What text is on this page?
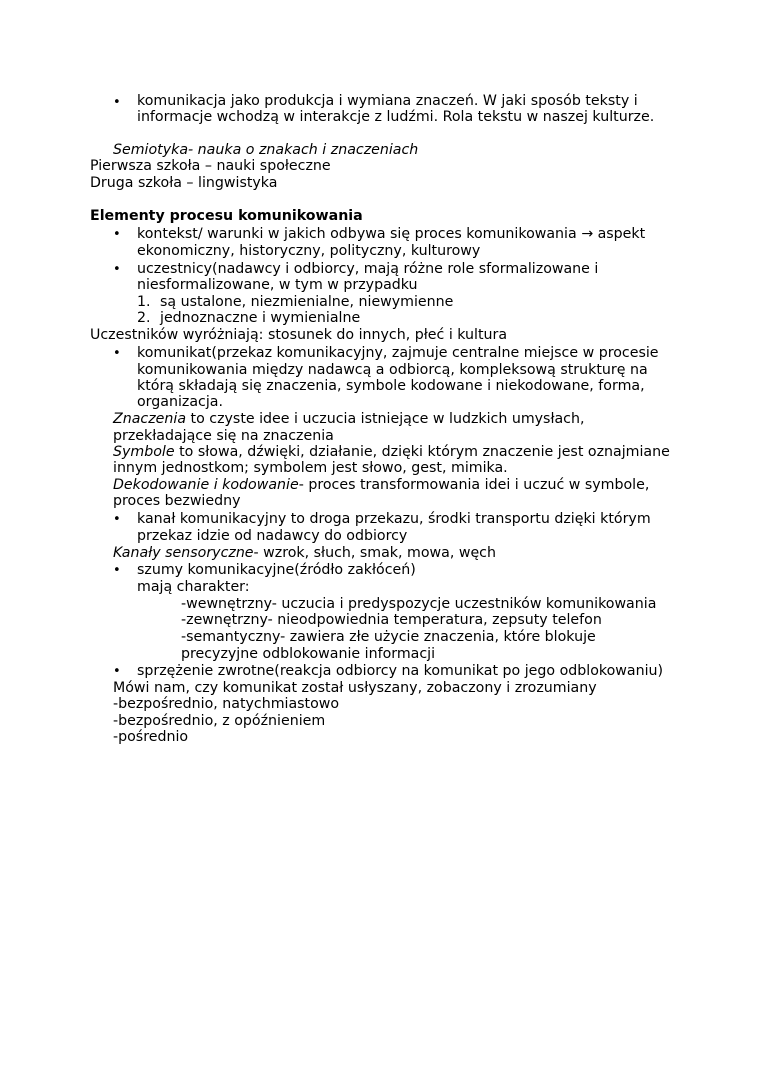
• komunikacja jako produkcja i wymiana znaczeń. W jaki sposób teksty i
informacje wchodzą w interakcje z ludźmi. Rola tekstu w naszej kulturze.
Semiotyka- nauka o znakach i znaczeniach
Pierwsza szkoła – nauki społeczne
Druga szkoła – lingwistyka
Elementy procesu komunikowania
• kontekst/ warunki w jakich odbywa się proces komunikowania → aspekt
ekonomiczny, historyczny, polityczny, kulturowy
• uczestnicy(nadawcy i odbiorcy, mają różne role sformalizowane i
niesformalizowane, w tym w przypadku
1. są ustalone, niezmienialne, niewymienne
2. jednoznaczne i wymienialne
Uczestników wyróżniają: stosunek do innych, płeć i kultura
• komunikat(przekaz komunikacyjny, zajmuje centralne miejsce w procesie
komunikowania między nadawcą a odbiorcą, kompleksową strukturę na
którą składają się znaczenia, symbole kodowane i niekodowane, forma,
organizacja.
Znaczenia to czyste idee i uczucia istniejące w ludzkich umysłach,
przekładające się na znaczenia
Symbole to słowa, dźwięki, działanie, dzięki którym znaczenie jest oznajmiane
innym jednostkom; symbolem jest słowo, gest, mimika.
Dekodowanie i kodowanie- proces transformowania idei i uczuć w symbole,
proces bezwiedny
• kanał komunikacyjny to droga przekazu, środki transportu dzięki którym
przekaz idzie od nadawcy do odbiorcy
Kanały sensoryczne- wzrok, słuch, smak, mowa, węch
• szumy komunikacyjne(źródło zakłóceń)
mają charakter:
-wewnętrzny- uczucia i predyspozycje uczestników komunikowania
-zewnętrzny- nieodpowiednia temperatura, zepsuty telefon
-semantyczny- zawiera złe użycie znaczenia, które blokuje
precyzyjne odblokowanie informacji
• sprzężenie zwrotne(reakcja odbiorcy na komunikat po jego odblokowaniu)
Mówi nam, czy komunikat został usłyszany, zobaczony i zrozumiany
-bezpośrednio, natychmiastowo
-bezpośrednio, z opóźnieniem
-pośrednio
